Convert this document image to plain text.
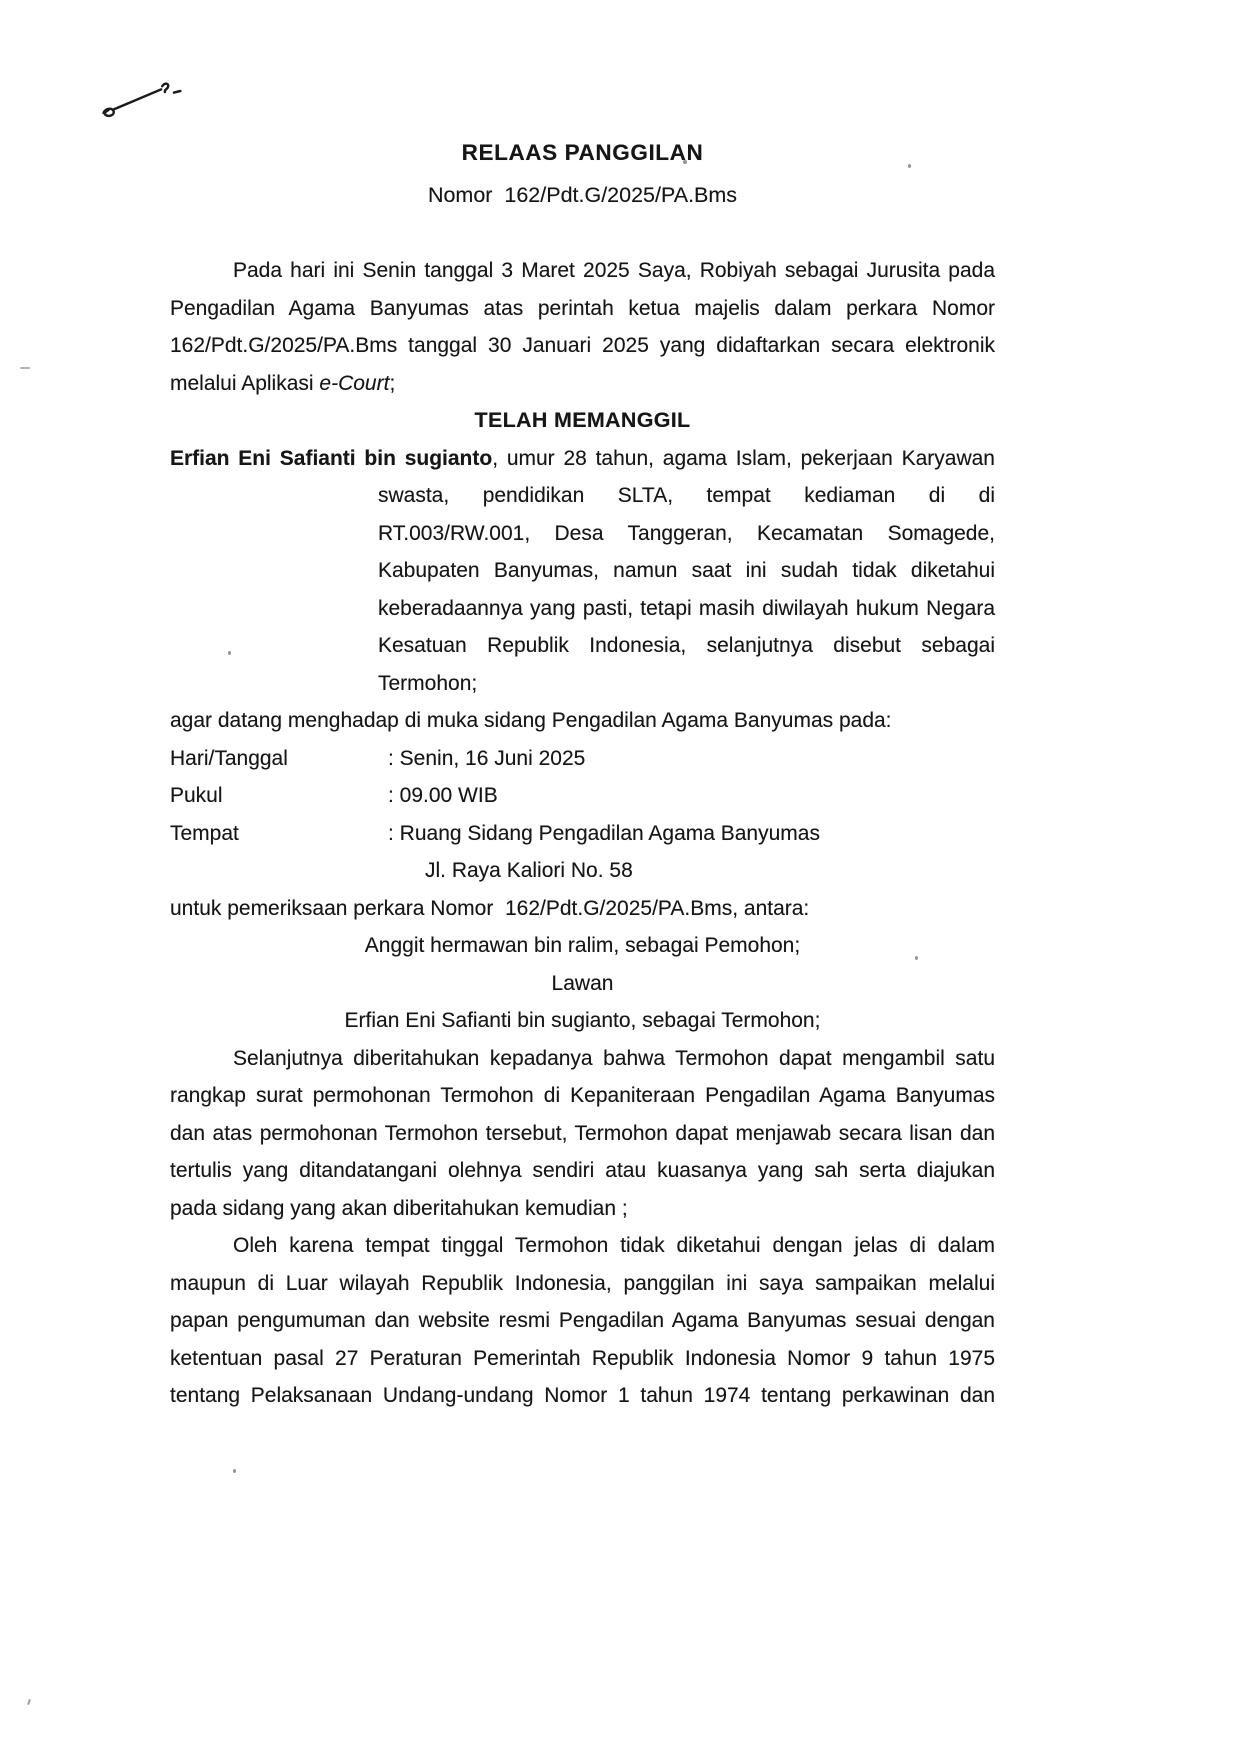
RELAAS PANGGILAN
Nomor  162/Pdt.G/2025/PA.Bms
Pada hari ini Senin tanggal 3 Maret 2025 Saya, Robiyah sebagai Jurusita pada
Pengadilan Agama Banyumas atas perintah ketua majelis dalam perkara Nomor
162/Pdt.G/2025/PA.Bms tanggal 30 Januari 2025 yang didaftarkan secara elektronik
melalui Aplikasi e-Court;
TELAH MEMANGGIL
Erfian Eni Safianti bin sugianto, umur 28 tahun, agama Islam, pekerjaan Karyawan
swasta, pendidikan SLTA, tempat kediaman di di
RT.003/RW.001, Desa Tanggeran, Kecamatan Somagede,
Kabupaten Banyumas, namun saat ini sudah tidak diketahui
keberadaannya yang pasti, tetapi masih diwilayah hukum Negara
Kesatuan Republik Indonesia, selanjutnya disebut sebagai
Termohon;
agar datang menghadap di muka sidang Pengadilan Agama Banyumas pada:
Hari/Tanggal	: Senin, 16 Juni 2025
Pukul	: 09.00 WIB
Tempat	: Ruang Sidang Pengadilan Agama Banyumas
Jl. Raya Kaliori No. 58
untuk pemeriksaan perkara Nomor  162/Pdt.G/2025/PA.Bms, antara:
Anggit hermawan bin ralim, sebagai Pemohon;
Lawan
Erfian Eni Safianti bin sugianto, sebagai Termohon;
Selanjutnya diberitahukan kepadanya bahwa Termohon dapat mengambil satu
rangkap surat permohonan Termohon di Kepaniteraan Pengadilan Agama Banyumas
dan atas permohonan Termohon tersebut, Termohon dapat menjawab secara lisan dan
tertulis yang ditandatangani olehnya sendiri atau kuasanya yang sah serta diajukan
pada sidang yang akan diberitahukan kemudian ;
Oleh karena tempat tinggal Termohon tidak diketahui dengan jelas di dalam
maupun di Luar wilayah Republik Indonesia, panggilan ini saya sampaikan melalui
papan pengumuman dan website resmi Pengadilan Agama Banyumas sesuai dengan
ketentuan pasal 27 Peraturan Pemerintah Republik Indonesia Nomor 9 tahun 1975
tentang Pelaksanaan Undang-undang Nomor 1 tahun 1974 tentang perkawinan dan
